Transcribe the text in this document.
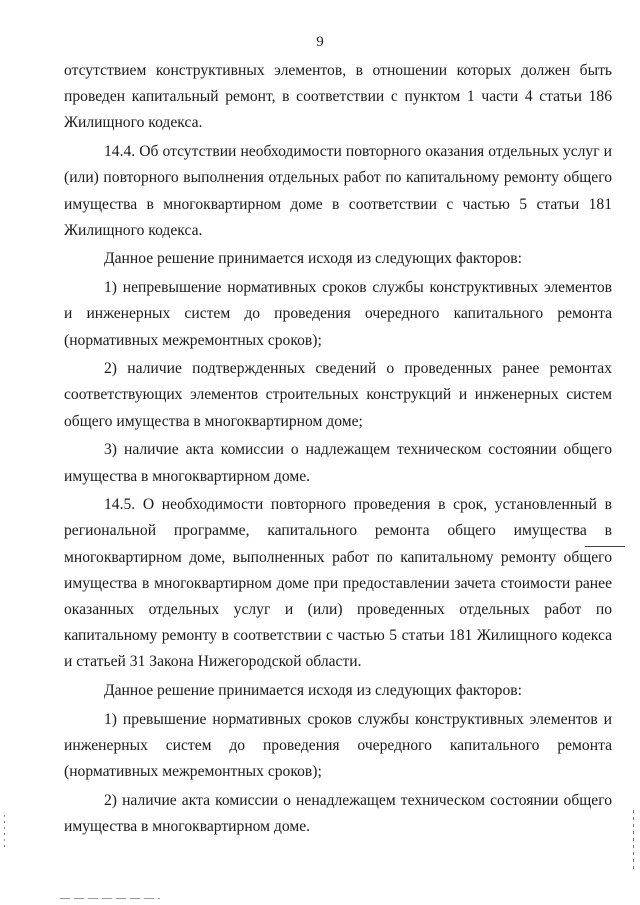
9

отсутствием конструктивных элементов, в отношении которых должен быть проведен капитальный ремонт, в соответствии с пунктом 1 части 4 статьи 186 Жилищного кодекса.

14.4. Об отсутствии необходимости повторного оказания отдельных услуг и (или) повторного выполнения отдельных работ по капитальному ремонту общего имущества в многоквартирном доме в соответствии с частью 5 статьи 181 Жилищного кодекса.

Данное решение принимается исходя из следующих факторов:

1) непревышение нормативных сроков службы конструктивных элементов и инженерных систем до проведения очередного капитального ремонта (нормативных межремонтных сроков);

2) наличие подтвержденных сведений о проведенных ранее ремонтах соответствующих элементов строительных конструкций и инженерных систем общего имущества в многоквартирном доме;

3) наличие акта комиссии о надлежащем техническом состоянии общего имущества в многоквартирном доме.

14.5. О необходимости повторного проведения в срок, установленный в региональной программе, капитального ремонта общего имущества в многоквартирном доме, выполненных работ по капитальному ремонту общего имущества в многоквартирном доме при предоставлении зачета стоимости ранее оказанных отдельных услуг и (или) проведенных отдельных работ по капитальному ремонту в соответствии с частью 5 статьи 181 Жилищного кодекса и статьей 31 Закона Нижегородской области.

Данное решение принимается исходя из следующих факторов:

1) превышение нормативных сроков службы конструктивных элементов и инженерных систем до проведения очередного капитального ремонта (нормативных межремонтных сроков);

2) наличие акта комиссии о ненадлежащем техническом состоянии общего имущества в многоквартирном доме.
